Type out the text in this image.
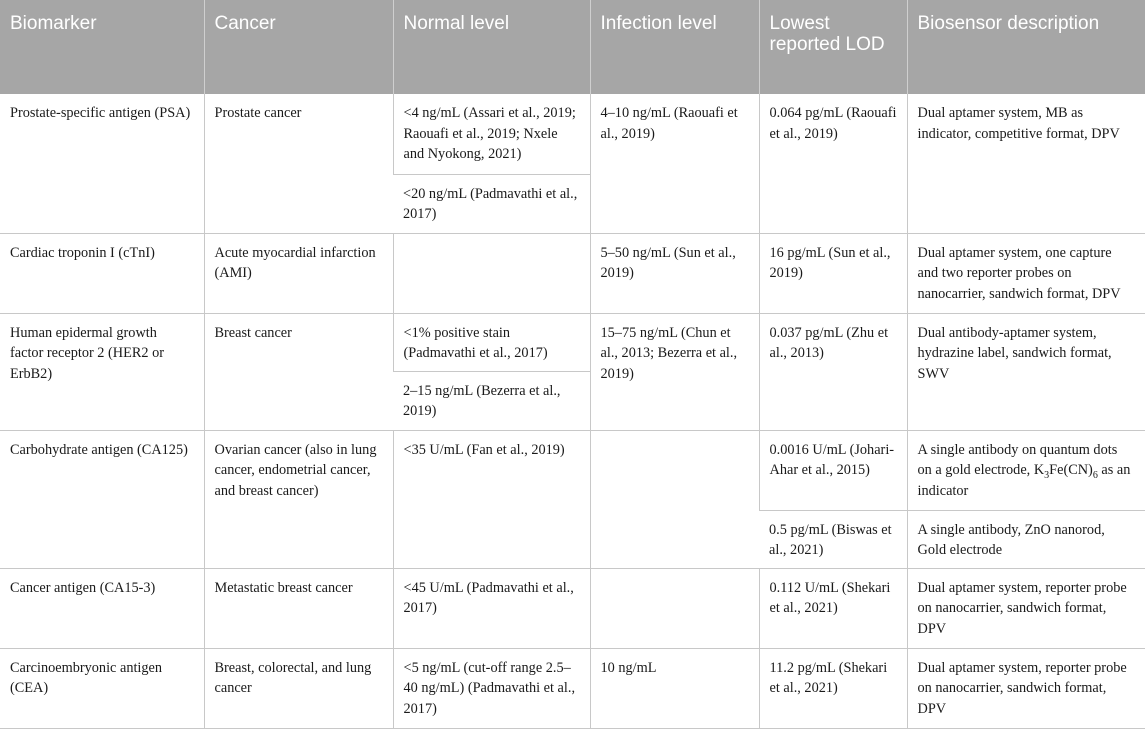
Biomarker	Cancer	Normal level	Infection level	Lowest reported LOD	Biosensor description
Prostate-specific antigen (PSA)	Prostate cancer	<4 ng/mL (Assari et al., 2019; Raouafi et al., 2019; Nxele and Nyokong, 2021)	4–10 ng/mL (Raouafi et al., 2019)	0.064 pg/mL (Raouafi et al., 2019)	Dual aptamer system, MB as indicator, competitive format, DPV
		<20 ng/mL (Padmavathi et al., 2017)			
Cardiac troponin I (cTnI)	Acute myocardial infarction (AMI)		5–50 ng/mL (Sun et al., 2019)	16 pg/mL (Sun et al., 2019)	Dual aptamer system, one capture and two reporter probes on nanocarrier, sandwich format, DPV
Human epidermal growth factor receptor 2 (HER2 or ErbB2)	Breast cancer	<1% positive stain (Padmavathi et al., 2017)	15–75 ng/mL (Chun et al., 2013; Bezerra et al., 2019)	0.037 pg/mL (Zhu et al., 2013)	Dual antibody-aptamer system, hydrazine label, sandwich format, SWV
		2–15 ng/mL (Bezerra et al., 2019)			
Carbohydrate antigen (CA125)	Ovarian cancer (also in lung cancer, endometrial cancer, and breast cancer)	<35 U/mL (Fan et al., 2019)		0.0016 U/mL (Johari-Ahar et al., 2015)	A single antibody on quantum dots on a gold electrode, $K_3Fe(CN)_6$ as an indicator
				0.5 pg/mL (Biswas et al., 2021)	A single antibody, ZnO nanorod, Gold electrode
Cancer antigen (CA15-3)	Metastatic breast cancer	<45 U/mL (Padmavathi et al., 2017)		0.112 U/mL (Shekari et al., 2021)	Dual aptamer system, reporter probe on nanocarrier, sandwich format, DPV
Carcinoembryonic antigen (CEA)	Breast, colorectal, and lung cancer	<5 ng/mL (cut-off range 2.5–40 ng/mL) (Padmavathi et al., 2017)	10 ng/mL	11.2 pg/mL (Shekari et al., 2021)	Dual aptamer system, reporter probe on nanocarrier, sandwich format, DPV
